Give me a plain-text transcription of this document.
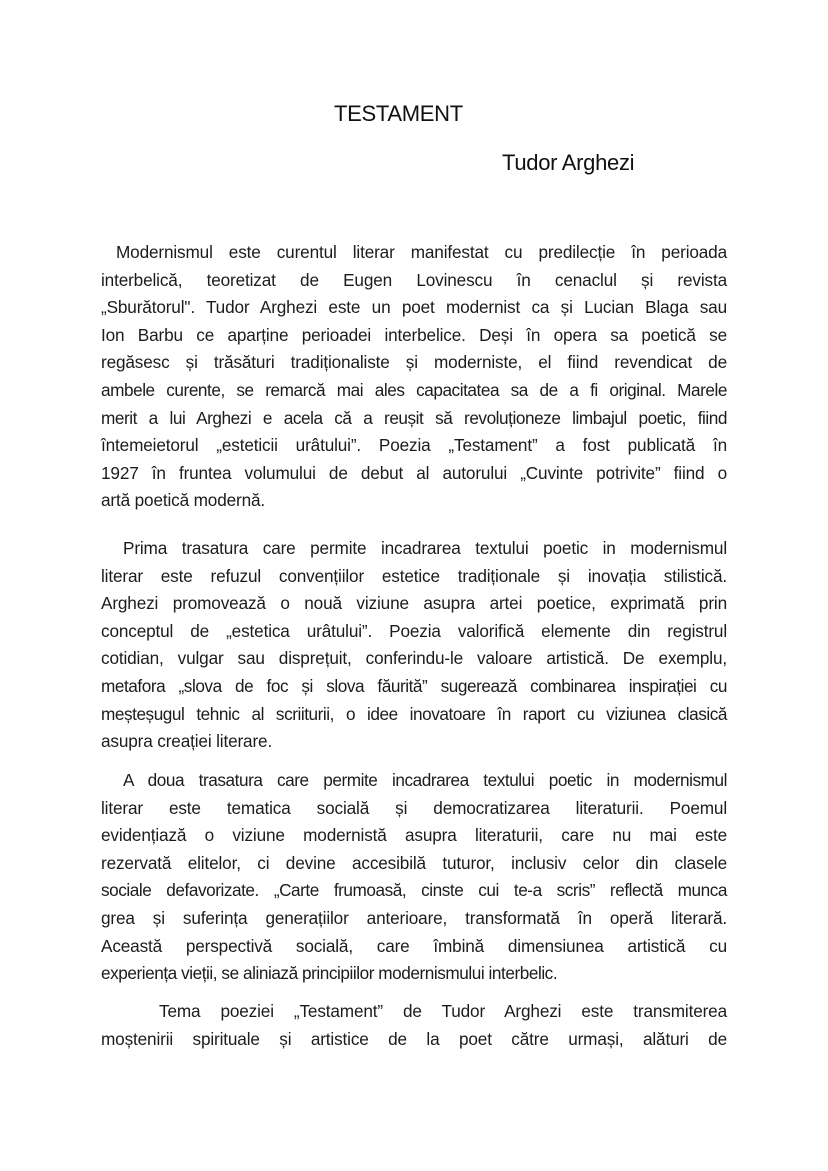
TESTAMENT
Tudor Arghezi
Modernismul este curentul literar manifestat cu predilecție în perioada
interbelică, teoretizat de Eugen Lovinescu în cenaclul și revista
„Sburătorul". Tudor Arghezi este un poet modernist ca și Lucian Blaga sau
Ion Barbu ce aparține perioadei interbelice. Deși în opera sa poetică se
regăsesc și trăsături tradiționaliste și moderniste, el fiind revendicat de
ambele curente, se remarcă mai ales capacitatea sa de a fi original. Marele
merit a lui Arghezi e acela că a reușit să revoluționeze limbajul poetic, fiind
întemeietorul „esteticii urâtului”. Poezia „Testament” a fost publicată în
1927 în fruntea volumului de debut al autorului „Cuvinte potrivite” fiind o
artă poetică modernă.
Prima trasatura care permite incadrarea textului poetic in modernismul
literar este refuzul convențiilor estetice tradiționale și inovația stilistică.
Arghezi promovează o nouă viziune asupra artei poetice, exprimată prin
conceptul de „estetica urâtului”. Poezia valorifică elemente din registrul
cotidian, vulgar sau disprețuit, conferindu-le valoare artistică. De exemplu,
metafora „slova de foc și slova făurită” sugerează combinarea inspirației cu
meșteșugul tehnic al scriiturii, o idee inovatoare în raport cu viziunea clasică
asupra creației literare.
A doua trasatura care permite incadrarea textului poetic in modernismul
literar este tematica socială și democratizarea literaturii. Poemul
evidențiază o viziune modernistă asupra literaturii, care nu mai este
rezervată elitelor, ci devine accesibilă tuturor, inclusiv celor din clasele
sociale defavorizate. „Carte frumoasă, cinste cui te-a scris” reflectă munca
grea și suferința generațiilor anterioare, transformată în operă literară.
Această perspectivă socială, care îmbină dimensiunea artistică cu
experiența vieții, se aliniază principiilor modernismului interbelic.
Tema poeziei „Testament” de Tudor Arghezi este transmiterea
moștenirii spirituale și artistice de la poet către urmași, alături de
